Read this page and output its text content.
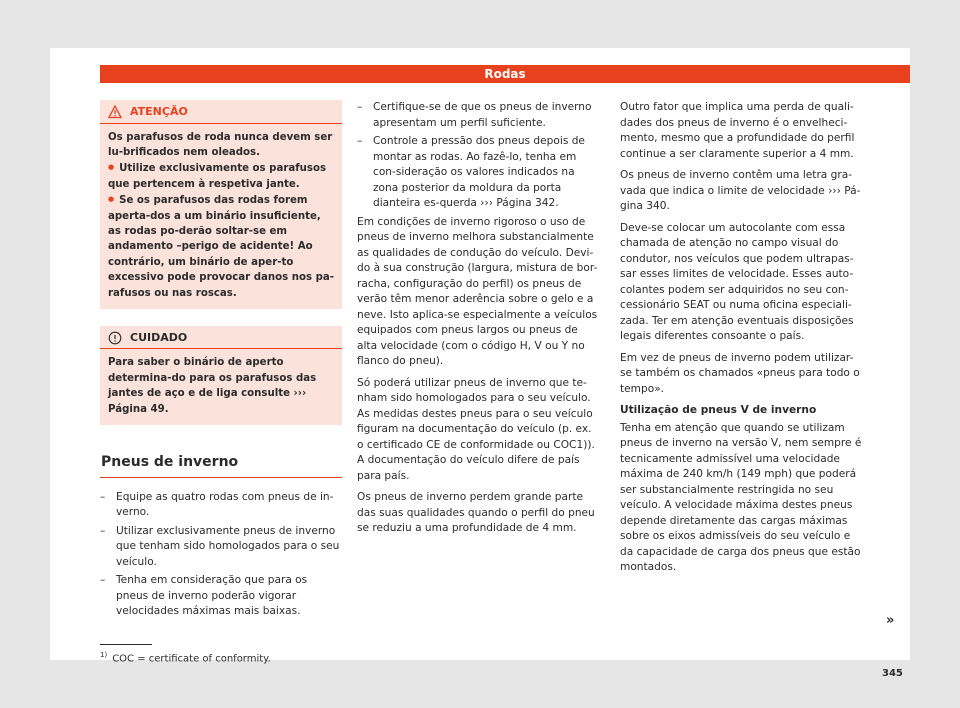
Rodas
ATENÇÃO
Os parafusos de roda nunca devem ser lu-brificados nem oleados.
● Utilize exclusivamente os parafusos que pertencem à respetiva jante.
● Se os parafusos das rodas forem aperta-dos a um binário insuficiente, as rodas po-derão soltar-se em andamento –perigo de acidente! Ao contrário, um binário de aper-to excessivo pode provocar danos nos pa-rafusos ou nas roscas.
CUIDADO
Para saber o binário de aperto determina-do para os parafusos das jantes de aço e de liga consulte ››› Página 49.
Pneus de inverno
– Equipe as quatro rodas com pneus de in-verno.
– Utilizar exclusivamente pneus de inverno que tenham sido homologados para o seu veículo.
– Tenha em consideração que para os pneus de inverno poderão vigorar velocidades máximas mais baixas.
– Certifique-se de que os pneus de inverno apresentam um perfil suficiente.
– Controle a pressão dos pneus depois de montar as rodas. Ao fazê-lo, tenha em con-sideração os valores indicados na zona posterior da moldura da porta dianteira es-querda ››› Página 342.

Em condições de inverno rigoroso o uso de pneus de inverno melhora substancialmente as qualidades de condução do veículo. Devi-do à sua construção (largura, mistura de bor-racha, configuração do perfil) os pneus de verão têm menor aderência sobre o gelo e a neve. Isto aplica-se especialmente a veículos equipados com pneus largos ou pneus de alta velocidade (com o código H, V ou Y no flanco do pneu).

Só poderá utilizar pneus de inverno que te-nham sido homologados para o seu veículo. As medidas destes pneus para o seu veículo figuram na documentação do veículo (p. ex. o certificado CE de conformidade ou COC1)). A documentação do veículo difere de país para país.

Os pneus de inverno perdem grande parte das suas qualidades quando o perfil do pneu se reduziu a uma profundidade de 4 mm.

Outro fator que implica uma perda de quali-dades dos pneus de inverno é o envelheci-mento, mesmo que a profundidade do perfil continue a ser claramente superior a 4 mm.

Os pneus de inverno contêm uma letra gra-vada que indica o limite de velocidade ››› Pá-gina 340.

Deve-se colocar um autocolante com essa chamada de atenção no campo visual do condutor, nos veículos que podem ultrapas-sar esses limites de velocidade. Esses auto-colantes podem ser adquiridos no seu con-cessionário SEAT ou numa oficina especiali-zada. Ter em atenção eventuais disposições legais diferentes consoante o país.

Em vez de pneus de inverno podem utilizar-se também os chamados «pneus para todo o tempo».

Utilização de pneus V de inverno

Tenha em atenção que quando se utilizam pneus de inverno na versão V, nem sempre é tecnicamente admissível uma velocidade máxima de 240 km/h (149 mph) que poderá ser substancialmente restringida no seu veículo. A velocidade máxima destes pneus depende diretamente das cargas máximas sobre os eixos admissíveis do seu veículo e da capacidade de carga dos pneus que estão montados.

»
$^{1)}$ COC = certificate of conformity.
345
